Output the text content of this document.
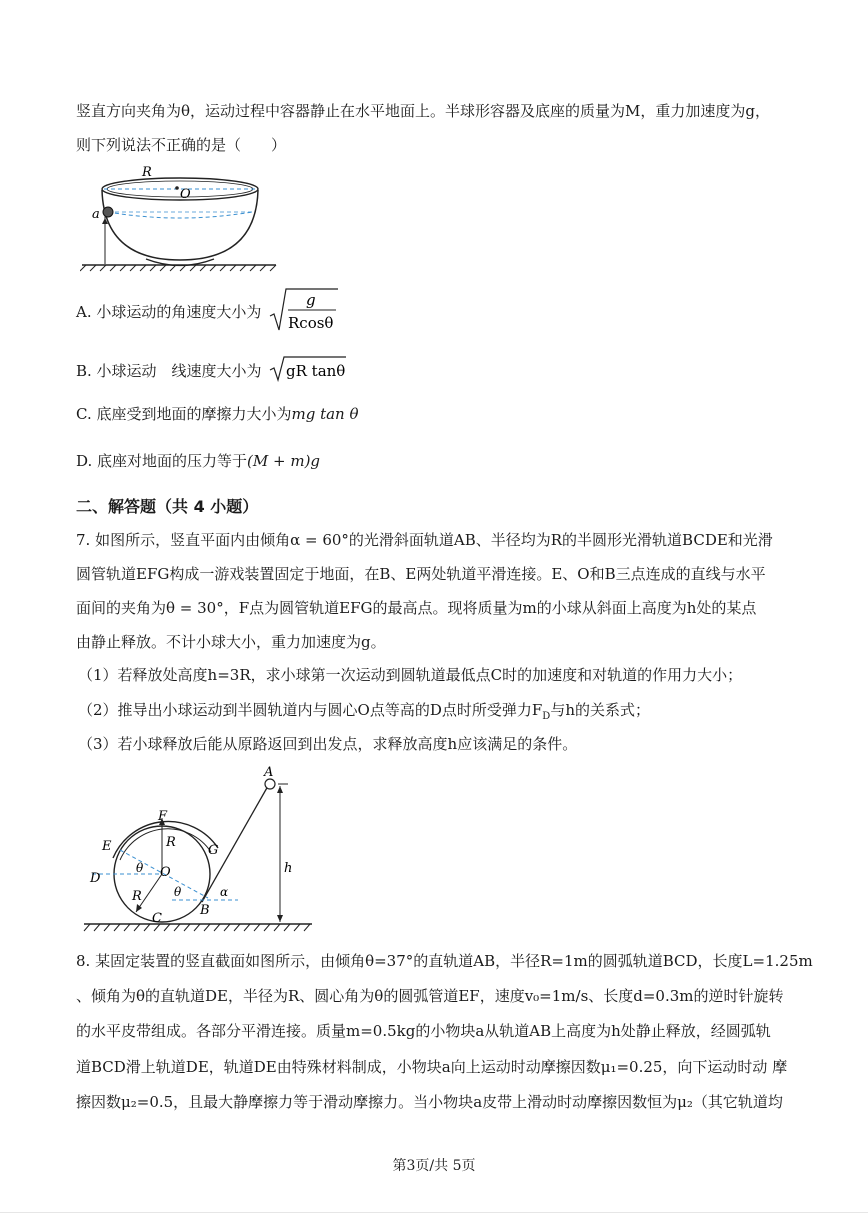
竖直方向夹角为θ，运动过程中容器静止在水平地面上。半球形容器及底座的质量为M，重力加速度为g，
则下列说法不正确的是（　　）
R
O
a
A. 小球运动的角速度大小为
g
Rcosθ
B. 小球运动　线速度大小为 gR tanθ
C. 底座受到地面的摩擦力大小为mg tan θ
D. 底座对地面的压力等于(M + m)g
二、解答题（共 4 小题）
7. 如图所示，竖直平面内由倾角α = 60°的光滑斜面轨道AB、半径均为R的半圆形光滑轨道BCDE和光滑
圆管轨道EFG构成一游戏装置固定于地面，在B、E两处轨道平滑连接。E、O和B三点连成的直线与水平
面间的夹角为θ = 30°，F点为圆管轨道EFG的最高点。现将质量为m的小球从斜面上高度为h处的某点
由静止释放。不计小球大小，重力加速度为g。
（1）若释放处高度h=3R，求小球第一次运动到圆轨道最低点C时的加速度和对轨道的作用力大小；
（2）推导出小球运动到半圆轨道内与圆心O点等高的D点时所受弹力$F_D$与h的关系式；
（3）若小球释放后能从原路返回到出发点，求释放高度h应该满足的条件。
A
F
E	G
D	O
B
C
R
R
h
θ
θ	α
8. 某固定装置的竖直截面如图所示，由倾角θ=37°的直轨道AB，半径R=1m的圆弧轨道BCD，长度L=1.25m
、倾角为θ的直轨道DE，半径为R、圆心角为θ的圆弧管道EF，速度v₀=1m/s、长度d=0.3m的逆时针旋转
的水平皮带组成。各部分平滑连接。质量m=0.5kg的小物块a从轨道AB上高度为h处静止释放，经圆弧轨
道BCD滑上轨道DE，轨道DE由特殊材料制成，小物块a向上运动时动摩擦因数μ₁=0.25，向下运动时动 摩
擦因数μ₂=0.5，且最大静摩擦力等于滑动摩擦力。当小物块a皮带上滑动时动摩擦因数恒为μ₂（其它轨道均
第3页/共 5页
